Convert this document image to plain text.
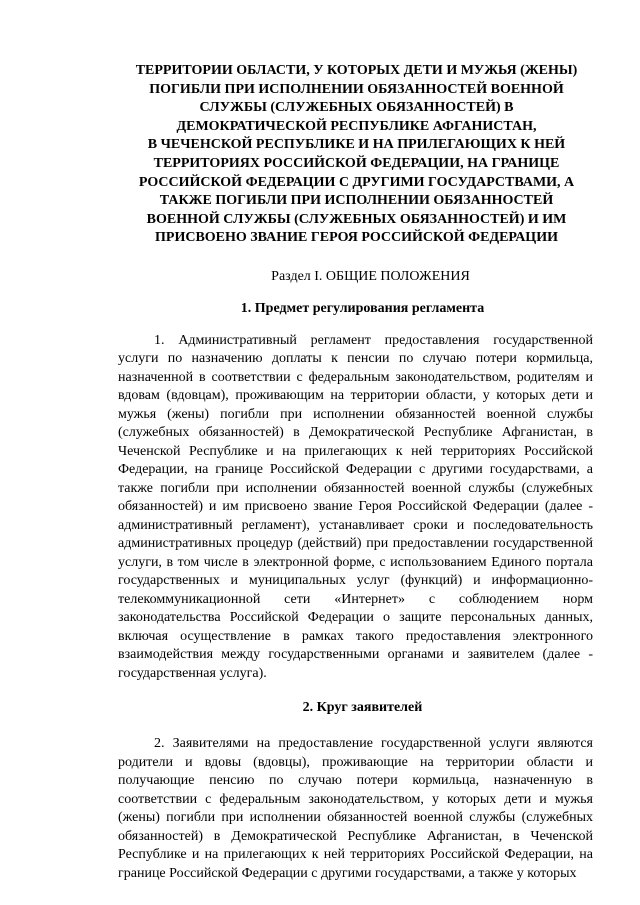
ТЕРРИТОРИИ ОБЛАСТИ, У КОТОРЫХ ДЕТИ И МУЖЬЯ (ЖЕНЫ)
ПОГИБЛИ ПРИ ИСПОЛНЕНИИ ОБЯЗАННОСТЕЙ ВОЕННОЙ
СЛУЖБЫ (СЛУЖЕБНЫХ ОБЯЗАННОСТЕЙ) В
ДЕМОКРАТИЧЕСКОЙ РЕСПУБЛИКЕ АФГАНИСТАН,
В ЧЕЧЕНСКОЙ РЕСПУБЛИКЕ И НА ПРИЛЕГАЮЩИХ К НЕЙ
ТЕРРИТОРИЯХ РОССИЙСКОЙ ФЕДЕРАЦИИ, НА ГРАНИЦЕ
РОССИЙСКОЙ ФЕДЕРАЦИИ С ДРУГИМИ ГОСУДАРСТВАМИ, А
ТАКЖЕ ПОГИБЛИ ПРИ ИСПОЛНЕНИИ ОБЯЗАННОСТЕЙ
ВОЕННОЙ СЛУЖБЫ (СЛУЖЕБНЫХ ОБЯЗАННОСТЕЙ) И ИМ
ПРИСВОЕНО ЗВАНИЕ ГЕРОЯ РОССИЙСКОЙ ФЕДЕРАЦИИ
Раздел I. ОБЩИЕ ПОЛОЖЕНИЯ
1. Предмет регулирования регламента

1. Административный регламент предоставления государственной услуги по назначению доплаты к пенсии по случаю потери кормильца, назначенной в соответствии с федеральным законодательством, родителям и вдовам (вдовцам), проживающим на территории области, у которых дети и мужья (жены) погибли при исполнении обязанностей военной службы (служебных обязанностей) в Демократической Республике Афганистан, в Чеченской Республике и на прилегающих к ней территориях Российской Федерации, на границе Российской Федерации с другими государствами, а также погибли при исполнении обязанностей военной службы (служебных обязанностей) и им присвоено звание Героя Российской Федерации (далее - административный регламент), устанавливает сроки и последовательность административных процедур (действий) при предоставлении государственной услуги, в том числе в электронной форме, с использованием Единого портала государственных и муниципальных услуг (функций) и информационно-телекоммуникационной сети «Интернет» с соблюдением норм законодательства Российской Федерации о защите персональных данных, включая осуществление в рамках такого предоставления электронного взаимодействия между государственными органами и заявителем (далее - государственная услуга).

2. Круг заявителей

2. Заявителями на предоставление государственной услуги являются родители и вдовы (вдовцы), проживающие на территории области и получающие пенсию по случаю потери кормильца, назначенную в соответствии с федеральным законодательством, у которых дети и мужья (жены) погибли при исполнении обязанностей военной службы (служебных обязанностей) в Демократической Республике Афганистан, в Чеченской Республике и на прилегающих к ней территориях Российской Федерации, на границе Российской Федерации с другими государствами, а также у которых
